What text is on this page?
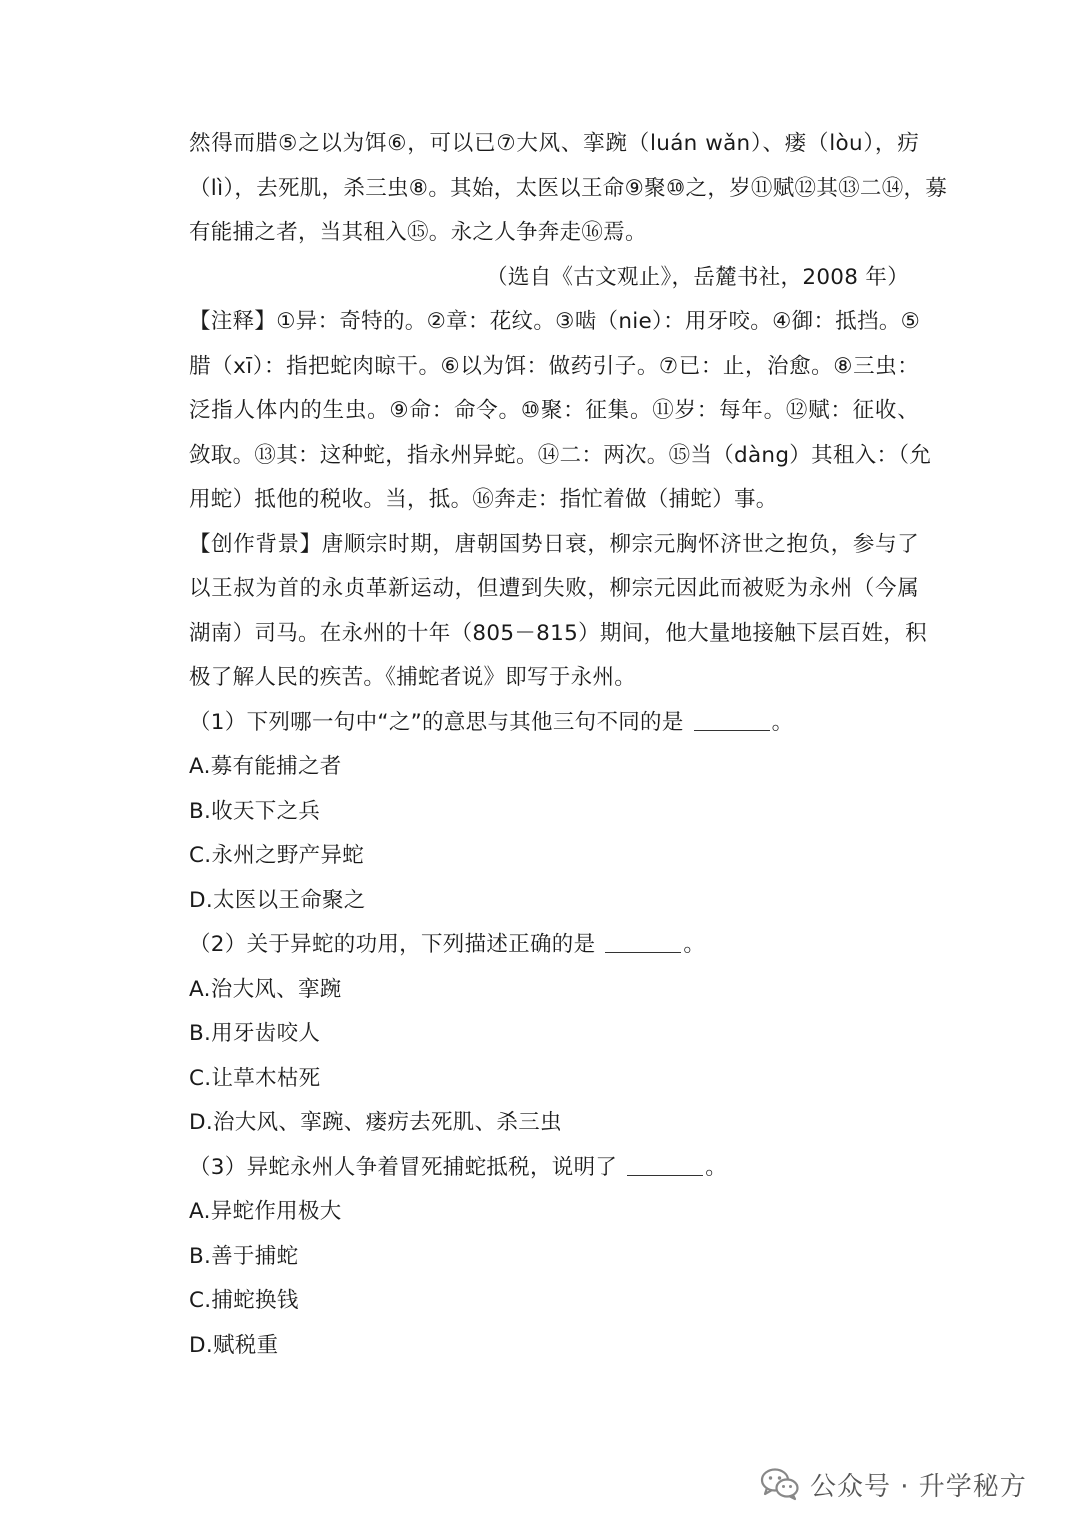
然得而腊⑤之以为饵⑥，可以已⑦大风、挛踠（luán wǎn）、瘘（lòu），疠
（lì），去死肌，杀三虫⑧。其始，太医以王命⑨聚⑩之，岁⑪赋⑫其⑬二⑭，募
有能捕之者，当其租入⑮。永之人争奔走⑯焉。
（选自《古文观止》，岳麓书社，2008 年）
【注释】①异：奇特的。②章：花纹。③啮（nie）：用牙咬。④御：抵挡。⑤
腊（xī）：指把蛇肉晾干。⑥以为饵：做药引子。⑦已：止，治愈。⑧三虫：
泛指人体内的生虫。⑨命：命令。⑩聚：征集。⑪岁：每年。⑫赋：征收、
敛取。⑬其：这种蛇，指永州异蛇。⑭二：两次。⑮当（dàng）其租入：（允
用蛇）抵他的税收。当，抵。⑯奔走：指忙着做（捕蛇）事。
【创作背景】唐顺宗时期，唐朝国势日衰，柳宗元胸怀济世之抱负，参与了
以王叔为首的永贞革新运动，但遭到失败，柳宗元因此而被贬为永州（今属
湖南）司马。在永州的十年（805－815）期间，他大量地接触下层百姓，积
极了解人民的疾苦。《捕蛇者说》即写于永州。
（1）下列哪一句中“之”的意思与其他三句不同的是	。
A.募有能捕之者
B.收天下之兵
C.永州之野产异蛇
D.太医以王命聚之
（2）关于异蛇的功用，下列描述正确的是	。
A.治大风、挛踠
B.用牙齿咬人
C.让草木枯死
D.治大风、挛踠、瘘疠去死肌、杀三虫
（3）异蛇永州人争着冒死捕蛇抵税，说明了	。
A.异蛇作用极大
B.善于捕蛇
C.捕蛇换钱
D.赋税重
公众号 · 升学秘方
